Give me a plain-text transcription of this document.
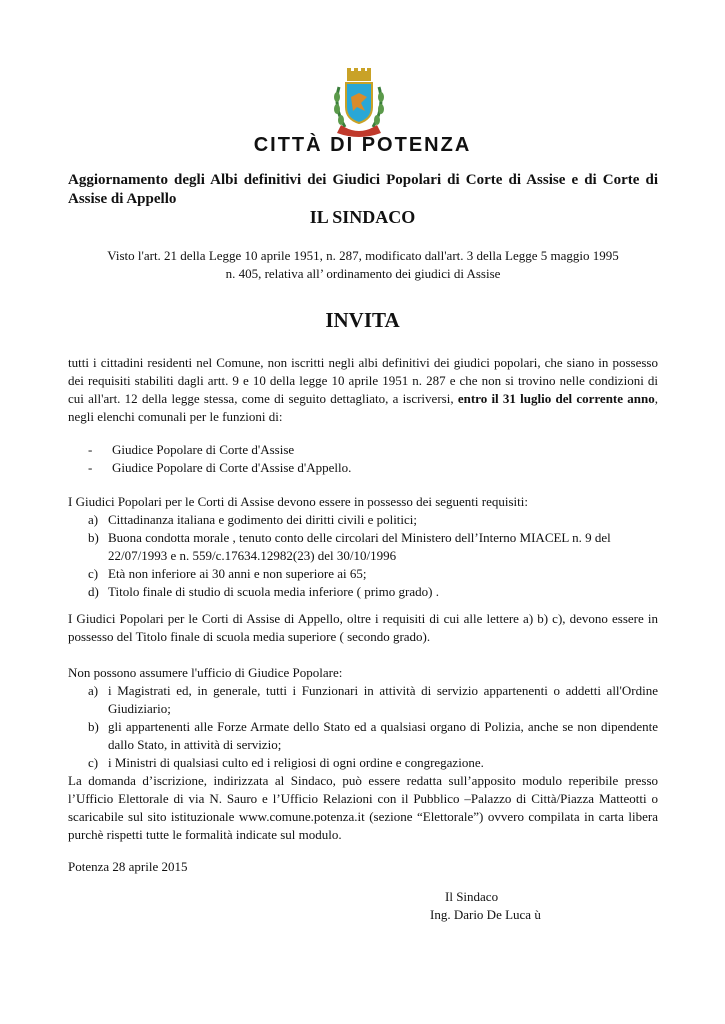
CITTÀ DI POTENZA
Aggiornamento degli Albi definitivi dei Giudici Popolari di Corte di Assise e di Corte di Assise di Appello
IL SINDACO
Visto l'art. 21 della Legge 10 aprile 1951, n. 287, modificato dall'art. 3 della Legge 5 maggio 1995
n. 405, relativa all’ ordinamento dei giudici di Assise
INVITA
tutti i cittadini residenti nel Comune, non iscritti negli albi definitivi dei giudici popolari, che siano in possesso dei requisiti stabiliti dagli artt. 9 e 10 della legge 10 aprile 1951 n. 287 e che non si trovino nelle condizioni di cui all'art. 12 della legge stessa, come di seguito dettagliato, a iscriversi, entro il 31 luglio del corrente anno, negli elenchi comunali per le funzioni di:
-	Giudice Popolare di Corte d'Assise
-	Giudice Popolare di Corte d'Assise d'Appello.
I Giudici Popolari per le Corti di Assise devono essere in possesso dei seguenti requisiti:
a) Cittadinanza italiana e godimento dei diritti civili e politici;
b) Buona condotta morale , tenuto conto delle circolari del Ministero dell’Interno MIACEL n. 9 del 22/07/1993 e n. 559/c.17634.12982(23) del 30/10/1996
c) Età non inferiore ai 30 anni e non superiore ai 65;
d) Titolo finale di studio di scuola media inferiore ( primo grado) .
I Giudici Popolari per le Corti di Assise di Appello, oltre i requisiti di cui alle lettere a) b) c), devono essere in possesso del Titolo finale di scuola media superiore ( secondo grado).
Non possono assumere l'ufficio di Giudice Popolare:
a) i Magistrati ed, in generale, tutti i Funzionari in attività di servizio appartenenti o addetti all'Ordine Giudiziario;
b) gli appartenenti alle Forze Armate dello Stato ed a qualsiasi organo di Polizia, anche se non dipendente dallo Stato, in attività di servizio;
c) i Ministri di qualsiasi culto ed i religiosi di ogni ordine e congregazione.
La domanda d’iscrizione, indirizzata al Sindaco, può essere redatta sull’apposito modulo reperibile presso l’Ufficio Elettorale di via N. Sauro e l’Ufficio Relazioni con il Pubblico –Palazzo di Città/Piazza Matteotti o scaricabile sul sito istituzionale www.comune.potenza.it (sezione “Elettorale”) ovvero compilata in carta libera purchè rispetti tutte le formalità indicate sul modulo.
Potenza 28 aprile 2015
Il Sindaco
Ing. Dario De Luca ù
